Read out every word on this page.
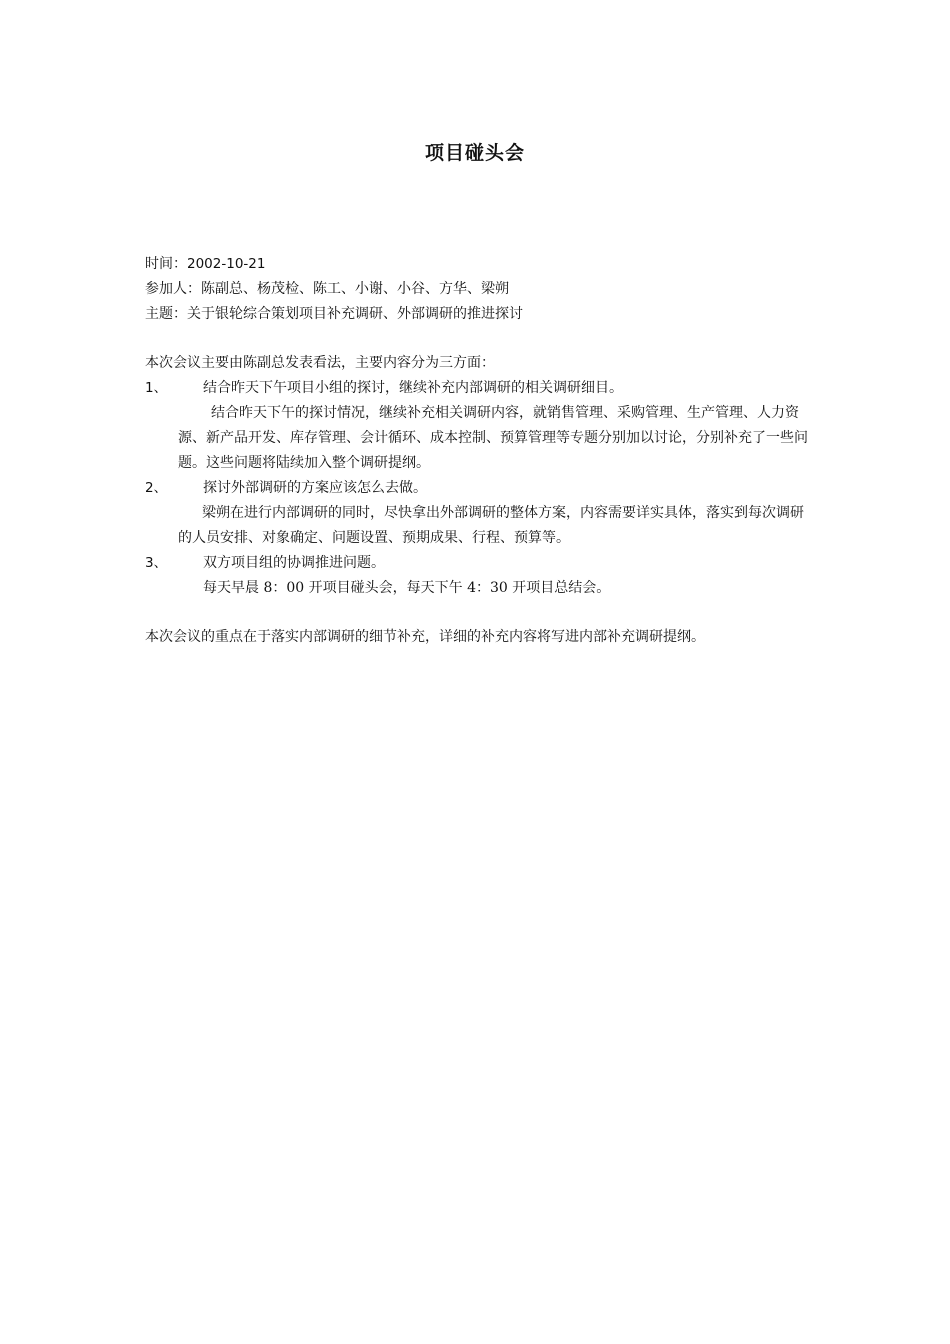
项目碰头会
时间：2002-10-21
参加人：陈副总、杨茂检、陈工、小谢、小谷、方华、梁朔
主题：关于银轮综合策划项目补充调研、外部调研的推进探讨
本次会议主要由陈副总发表看法，主要内容分为三方面：
1、	结合昨天下午项目小组的探讨，继续补充内部调研的相关调研细目。
结合昨天下午的探讨情况，继续补充相关调研内容，就销售管理、采购管理、生产管理、人力资源、新产品开发、库存管理、会计循环、成本控制、预算管理等专题分别加以讨论，分别补充了一些问题。这些问题将陆续加入整个调研提纲。
2、	探讨外部调研的方案应该怎么去做。
梁朔在进行内部调研的同时，尽快拿出外部调研的整体方案，内容需要详实具体，落实到每次调研的人员安排、对象确定、问题设置、预期成果、行程、预算等。
3、	双方项目组的协调推进问题。
每天早晨 8：00 开项目碰头会，每天下午 4：30 开项目总结会。
本次会议的重点在于落实内部调研的细节补充，详细的补充内容将写进内部补充调研提纲。
